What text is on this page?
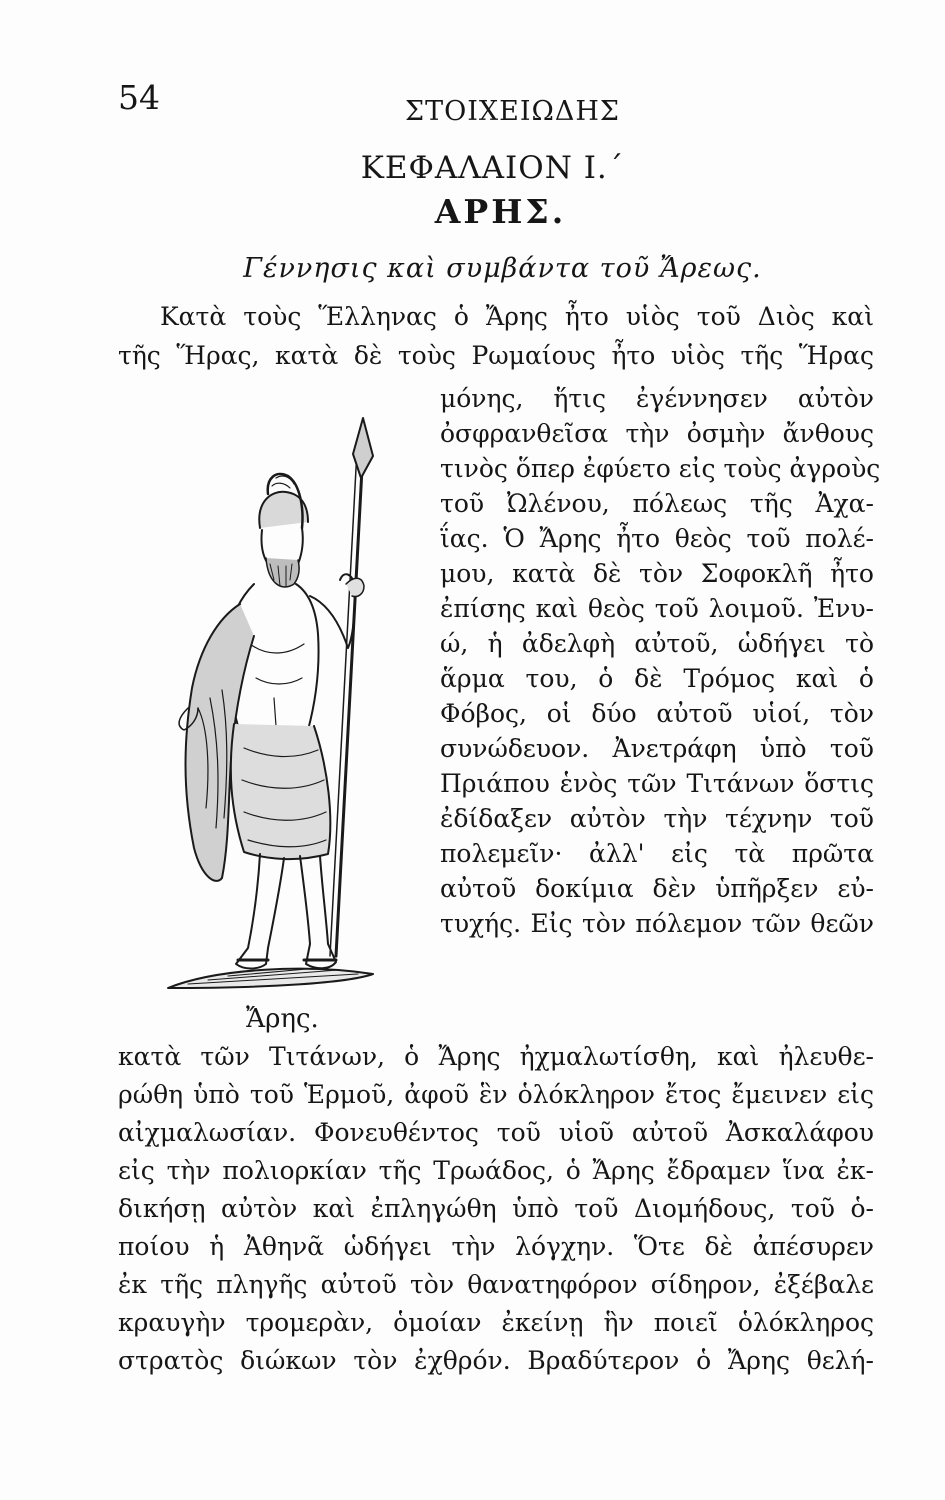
54	ΣΤΟΙΧΕΙΩΔΗΣ
ΚΕΦΑΛΑΙΟΝ Ι.΄
ΑΡΗΣ.
Γέννησις καὶ συμβάντα τοῦ Ἄρεως.
Κατὰ τοὺς Ἕλληνας ὁ Ἄρης ἦτο υἱὸς τοῦ Διὸς καὶ
τῆς Ἥρας, κατὰ δὲ τοὺς Ρωμαίους ἦτο υἱὸς τῆς Ἥρας
μόνης, ἥτις ἐγέννησεν αὐτὸν
ὀσφρανθεῖσα τὴν ὀσμὴν ἄνθους
τινὸς ὅπερ ἐφύετο εἰς τοὺς ἀγροὺς
τοῦ Ὠλένου, πόλεως τῆς Ἀχα-
ΐας. Ὁ Ἄρης ἦτο θεὸς τοῦ πολέ-
μου, κατὰ δὲ τὸν Σοφοκλῆ ἦτο
ἐπίσης καὶ θεὸς τοῦ λοιμοῦ. Ἐνυ-
ώ, ἡ ἀδελφὴ αὐτοῦ, ὡδήγει τὸ
ἅρμα του, ὁ δὲ Τρόμος καὶ ὁ
Φόβος, οἱ δύο αὐτοῦ υἱοί, τὸν
συνώδευον. Ἀνετράφη ὑπὸ τοῦ
Πριάπου ἑνὸς τῶν Τιτάνων ὅστις
ἐδίδαξεν αὐτὸν τὴν τέχνην τοῦ
πολεμεῖν· ἀλλ' εἰς τὰ πρῶτα
αὐτοῦ δοκίμια δὲν ὑπῆρξεν εὐ-
τυχής. Εἰς τὸν πόλεμον τῶν θεῶν
Ἄρης.
κατὰ τῶν Τιτάνων, ὁ Ἄρης ἠχμαλωτίσθη, καὶ ἠλευθε-
ρώθη ὑπὸ τοῦ Ἑρμοῦ, ἀφοῦ ἓν ὁλόκληρον ἔτος ἔμεινεν εἰς
αἰχμαλωσίαν. Φονευθέντος τοῦ υἱοῦ αὐτοῦ Ἀσκαλάφου
εἰς τὴν πολιορκίαν τῆς Τρωάδος, ὁ Ἄρης ἔδραμεν ἵνα ἐκ-
δικήσῃ αὐτὸν καὶ ἐπληγώθη ὑπὸ τοῦ Διομήδους, τοῦ ὁ-
ποίου ἡ Ἀθηνᾶ ὡδήγει τὴν λόγχην. Ὅτε δὲ ἀπέσυρεν
ἐκ τῆς πληγῆς αὐτοῦ τὸν θανατηφόρον σίδηρον, ἐξέβαλε
κραυγὴν τρομερὰν, ὁμοίαν ἐκείνῃ ἣν ποιεῖ ὁλόκληρος
στρατὸς διώκων τὸν ἐχθρόν. Βραδύτερον ὁ Ἄρης θελή-
